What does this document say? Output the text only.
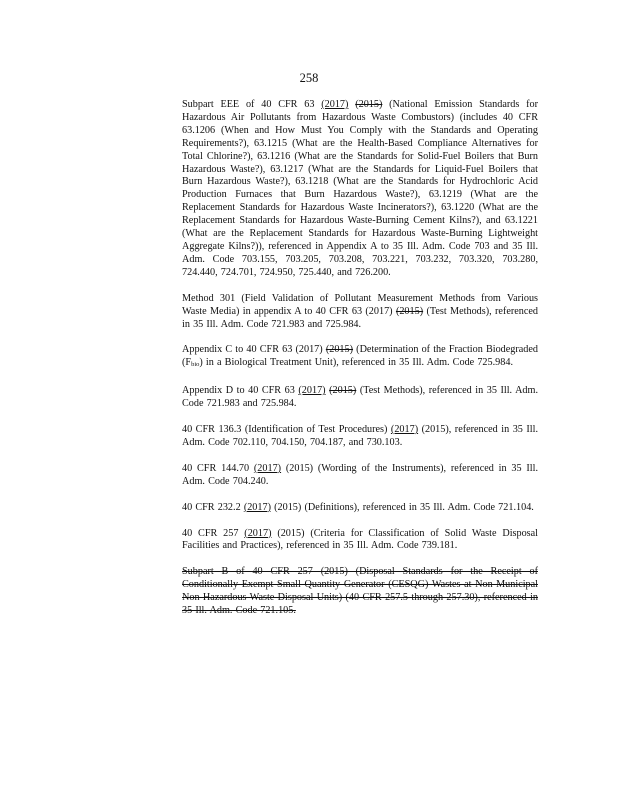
258

Subpart EEE of 40 CFR 63 (2017) (2015) (National Emission Standards for Hazardous Air Pollutants from Hazardous Waste Combustors) (includes 40 CFR 63.1206 (When and How Must You Comply with the Standards and Operating Requirements?), 63.1215 (What are the Health-Based Compliance Alternatives for Total Chlorine?), 63.1216 (What are the Standards for Solid-Fuel Boilers that Burn Hazardous Waste?), 63.1217 (What are the Standards for Liquid-Fuel Boilers that Burn Hazardous Waste?), 63.1218 (What are the Standards for Hydrochloric Acid Production Furnaces that Burn Hazardous Waste?), 63.1219 (What are the Replacement Standards for Hazardous Waste Incinerators?), 63.1220 (What are the Replacement Standards for Hazardous Waste-Burning Cement Kilns?), and 63.1221 (What are the Replacement Standards for Hazardous Waste-Burning Lightweight Aggregate Kilns?)), referenced in Appendix A to 35 Ill. Adm. Code 703 and 35 Ill. Adm. Code 703.155, 703.205, 703.208, 703.221, 703.232, 703.320, 703.280, 724.440, 724.701, 724.950, 725.440, and 726.200.

Method 301 (Field Validation of Pollutant Measurement Methods from Various Waste Media) in appendix A to 40 CFR 63 (2017) (2015) (Test Methods), referenced in 35 Ill. Adm. Code 721.983 and 725.984.

Appendix C to 40 CFR 63 (2017) (2015) (Determination of the Fraction Biodegraded (Fbio) in a Biological Treatment Unit), referenced in 35 Ill. Adm. Code 725.984.

Appendix D to 40 CFR 63 (2017) (2015) (Test Methods), referenced in 35 Ill. Adm. Code 721.983 and 725.984.

40 CFR 136.3 (Identification of Test Procedures) (2017) (2015), referenced in 35 Ill. Adm. Code 702.110, 704.150, 704.187, and 730.103.

40 CFR 144.70 (2017) (2015) (Wording of the Instruments), referenced in 35 Ill. Adm. Code 704.240.

40 CFR 232.2 (2017) (2015) (Definitions), referenced in 35 Ill. Adm. Code 721.104.

40 CFR 257 (2017) (2015) (Criteria for Classification of Solid Waste Disposal Facilities and Practices), referenced in 35 Ill. Adm. Code 739.181.

Subpart B of 40 CFR 257 (2015) (Disposal Standards for the Receipt of Conditionally Exempt Small Quantity Generator (CESQG) Wastes at Non-Municipal Non-Hazardous Waste Disposal Units) (40 CFR 257.5 through 257.30), referenced in 35 Ill. Adm. Code 721.105.
